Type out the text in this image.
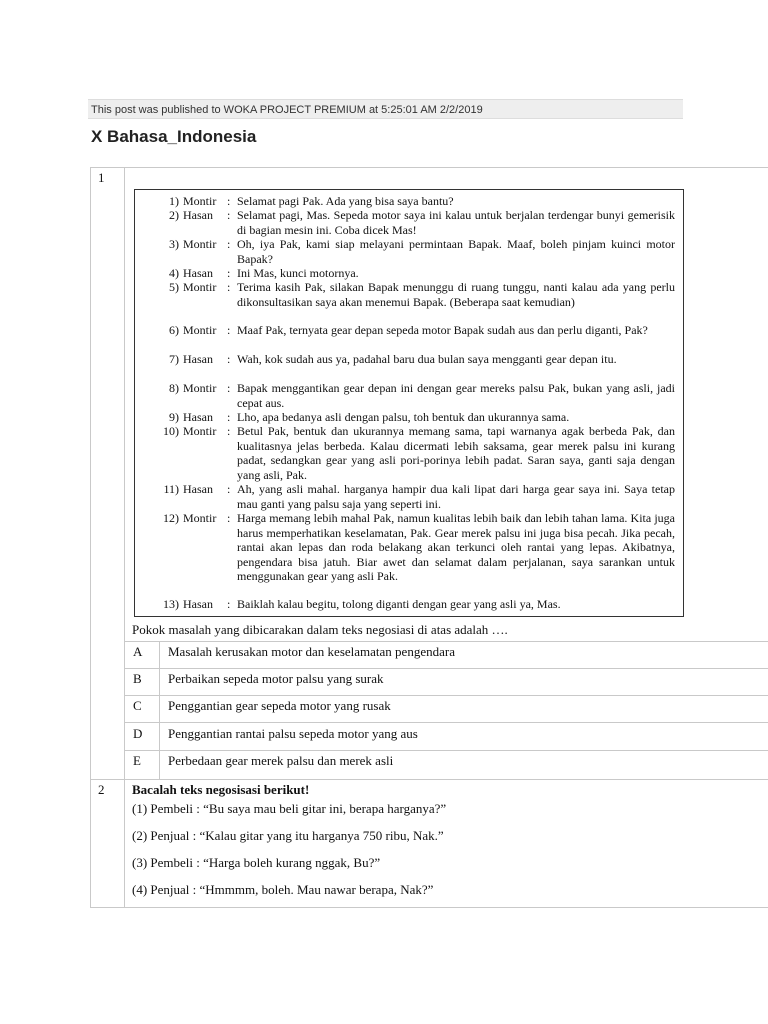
This post was published to WOKA PROJECT PREMIUM at 5:25:01 AM 2/2/2019
X Bahasa_Indonesia
1
1) Montir : Selamat pagi Pak. Ada yang bisa saya bantu?
2) Hasan : Selamat pagi, Mas. Sepeda motor saya ini kalau untuk berjalan terdengar bunyi gemerisik di bagian mesin ini. Coba dicek Mas!
3) Montir : Oh, iya Pak, kami siap melayani permintaan Bapak. Maaf, boleh pinjam kuinci motor Bapak?
4) Hasan : Ini Mas, kunci motornya.
5) Montir : Terima kasih Pak, silakan Bapak menunggu di ruang tunggu, nanti kalau ada yang perlu dikonsultasikan saya akan menemui Bapak. (Beberapa saat kemudian)
6) Montir : Maaf Pak, ternyata gear depan sepeda motor Bapak sudah aus dan perlu diganti, Pak?
7) Hasan : Wah, kok sudah aus ya, padahal baru dua bulan saya mengganti gear depan itu.
8) Montir : Bapak menggantikan gear depan ini dengan gear mereks palsu Pak, bukan yang asli, jadi cepat aus.
9) Hasan : Lho, apa bedanya asli dengan palsu, toh bentuk dan ukurannya sama.
10) Montir : Betul Pak, bentuk dan ukurannya memang sama, tapi warnanya agak berbeda Pak, dan kualitasnya jelas berbeda. Kalau dicermati lebih saksama, gear merek palsu ini kurang padat, sedangkan gear yang asli pori-porinya lebih padat. Saran saya, ganti saja dengan yang asli, Pak.
11) Hasan : Ah, yang asli mahal. harganya hampir dua kali lipat dari harga gear saya ini. Saya tetap mau ganti yang palsu saja yang seperti ini.
12) Montir : Harga memang lebih mahal Pak, namun kualitas lebih baik dan lebih tahan lama. Kita juga harus memperhatikan keselamatan, Pak. Gear merek palsu ini juga bisa pecah. Jika pecah, rantai akan lepas dan roda belakang akan terkunci oleh rantai yang lepas. Akibatnya, pengendara bisa jatuh. Biar awet dan selamat dalam perjalanan, saya sarankan untuk menggunakan gear yang asli Pak.
13) Hasan : Baiklah kalau begitu, tolong diganti dengan gear yang asli ya, Mas.
Pokok masalah yang dibicarakan dalam teks negosiasi di atas adalah ….
A Masalah kerusakan motor dan keselamatan pengendara
B Perbaikan sepeda motor palsu yang surak
C Penggantian gear sepeda motor yang rusak
D Penggantian rantai palsu sepeda motor yang aus
E Perbedaan gear merek palsu dan merek asli
2 Bacalah teks negosisasi berikut!
(1) Pembeli : “Bu saya mau beli gitar ini, berapa harganya?”
(2) Penjual : “Kalau gitar yang itu harganya 750 ribu, Nak.”
(3) Pembeli : “Harga boleh kurang nggak, Bu?”
(4) Penjual : “Hmmmm, boleh. Mau nawar berapa, Nak?”
